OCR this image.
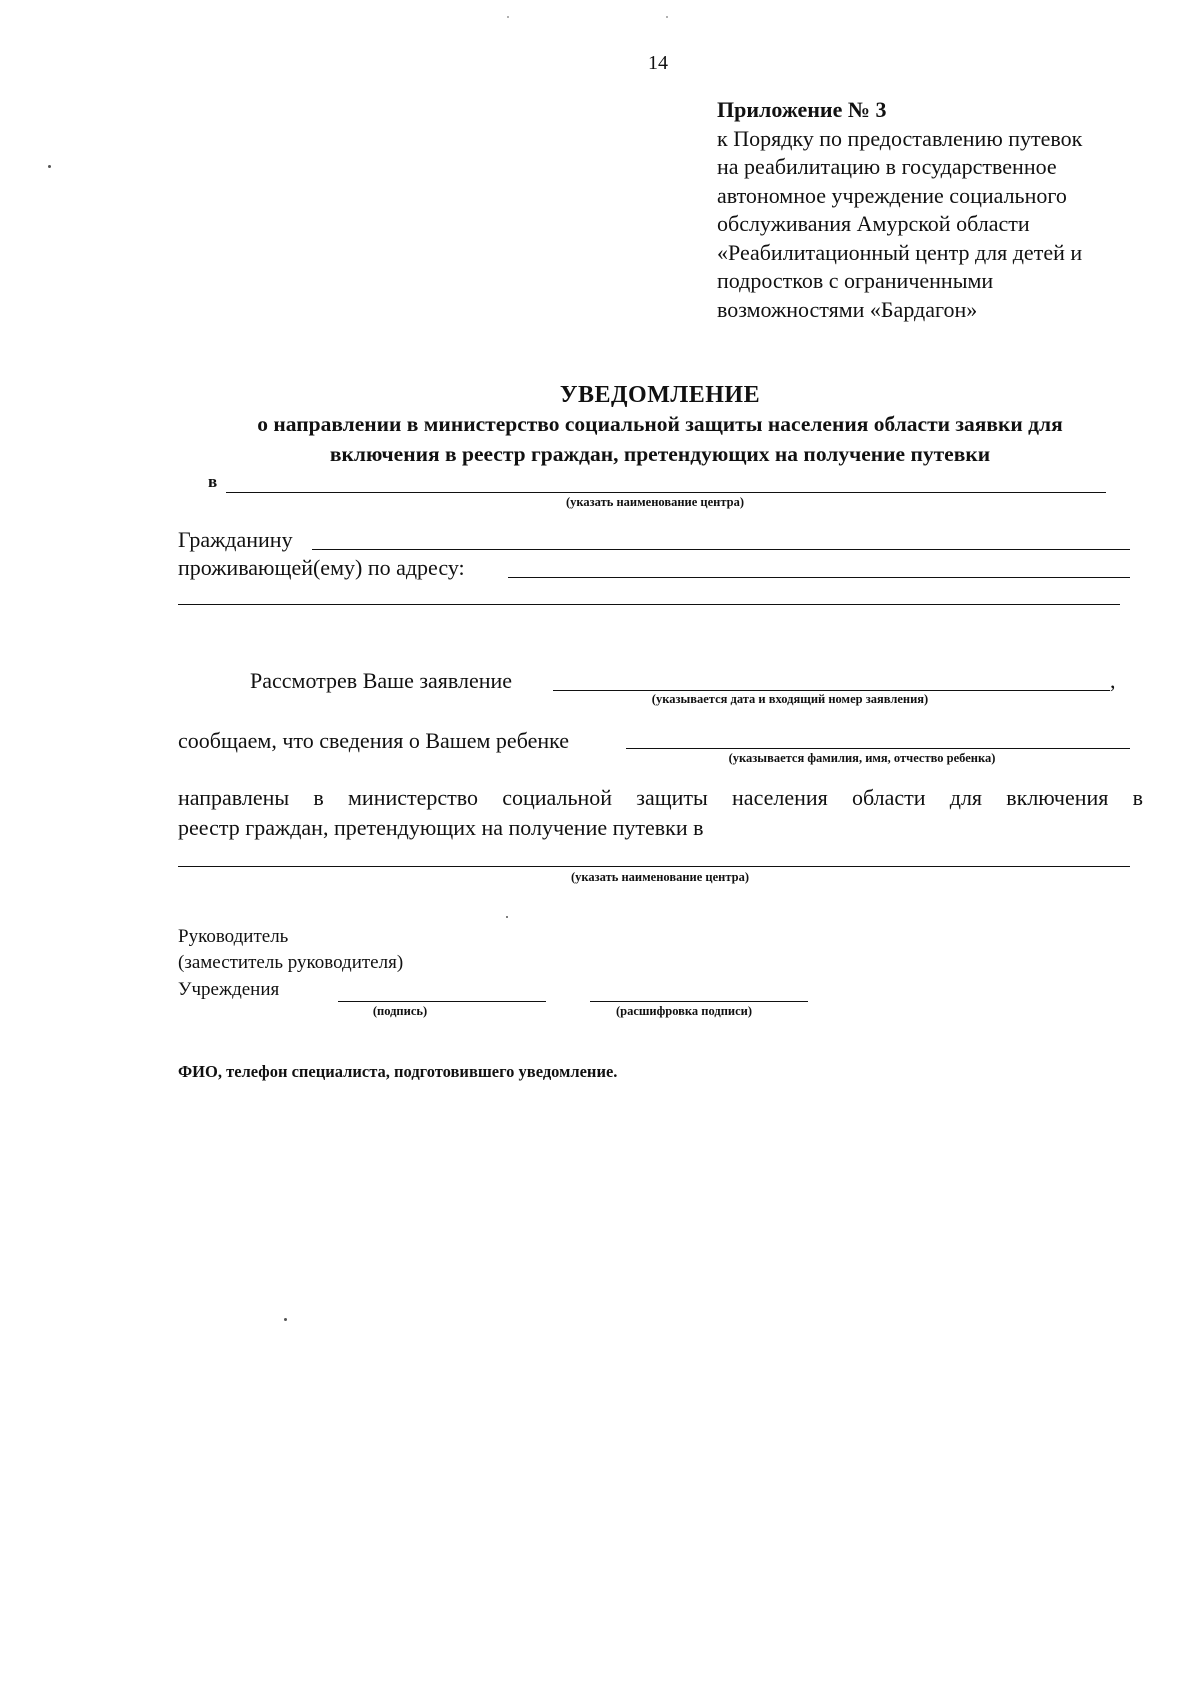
14
Приложение № 3
к Порядку по предоставлению путевок
на реабилитацию в государственное
автономное учреждение социального
обслуживания Амурской области
«Реабилитационный центр для детей и
подростков с ограниченными
возможностями «Бардагон»
УВЕДОМЛЕНИЕ
о направлении в министерство социальной защиты населения области заявки для
включения в реестр граждан, претендующих на получение путевки
в
(указать наименование центра)
Гражданину
проживающей(ему) по адресу:
Рассмотрев Ваше заявление	,
(указывается дата и входящий номер заявления)
сообщаем, что сведения о Вашем ребенке
(указывается фамилия, имя, отчество ребенка)
направлены в министерство социальной защиты населения области для включения в
реестр граждан, претендующих на получение путевки в
(указать наименование центра)
Руководитель
(заместитель руководителя)
Учреждения
(подпись)	(расшифровка подписи)
ФИО, телефон специалиста, подготовившего уведомление.
